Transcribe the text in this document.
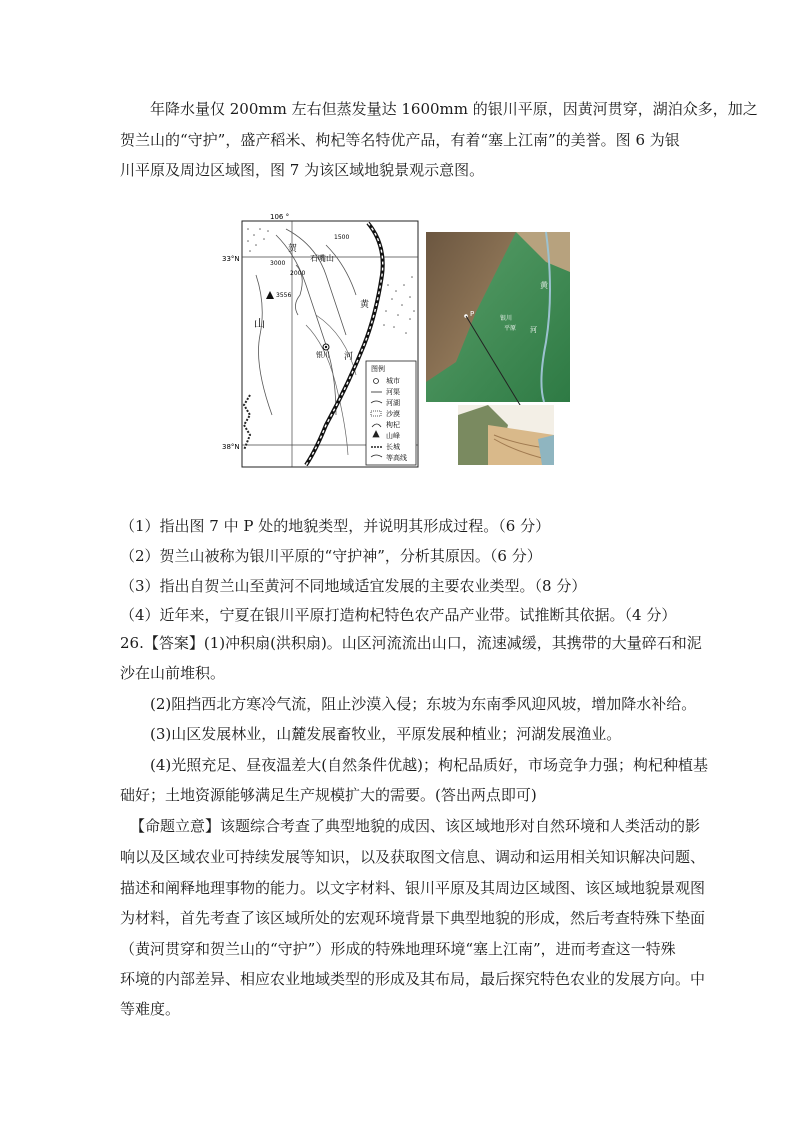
年降水量仅 200mm 左右但蒸发量达 1600mm 的银川平原，因黄河贯穿，湖泊众多，加之
贺兰山的“守护”，盛产稻米、枸杞等名特优产品，有着“塞上江南”的美誉。图 6 为银
川平原及周边区域图，图 7 为该区域地貌景观示意图。
图例
城市
河渠
河湖
沙漠
枸杞
山峰
长城
等高线
106 °
33°N
38°N
1500
2000
3000
石嘴山
3556
贺
山
黄
河
银川
P
黄
银川
平原 河
（1）指出图 7 中 P 处的地貌类型，并说明其形成过程。（6 分）
（2）贺兰山被称为银川平原的“守护神”，分析其原因。（6 分）
（3）指出自贺兰山至黄河不同地域适宜发展的主要农业类型。（8 分）
（4）近年来，宁夏在银川平原打造枸杞特色农产品产业带。试推断其依据。（4 分）
26.【答案】(1)冲积扇(洪积扇)。山区河流流出山口，流速减缓，其携带的大量碎石和泥
沙在山前堆积。
(2)阻挡西北方寒冷气流，阻止沙漠入侵；东坡为东南季风迎风坡，增加降水补给。
(3)山区发展林业，山麓发展畜牧业，平原发展种植业；河湖发展渔业。
(4)光照充足、昼夜温差大(自然条件优越)；枸杞品质好，市场竞争力强；枸杞种植基
础好；土地资源能够满足生产规模扩大的需要。(答出两点即可)
【命题立意】该题综合考查了典型地貌的成因、该区域地形对自然环境和人类活动的影
响以及区域农业可持续发展等知识，以及获取图文信息、调动和运用相关知识解决问题、
描述和阐释地理事物的能力。以文字材料、银川平原及其周边区域图、该区域地貌景观图
为材料，首先考查了该区域所处的宏观环境背景下典型地貌的形成，然后考查特殊下垫面
（黄河贯穿和贺兰山的“守护”）形成的特殊地理环境“塞上江南”，进而考查这一特殊
环境的内部差异、相应农业地域类型的形成及其布局，最后探究特色农业的发展方向。中
等难度。
